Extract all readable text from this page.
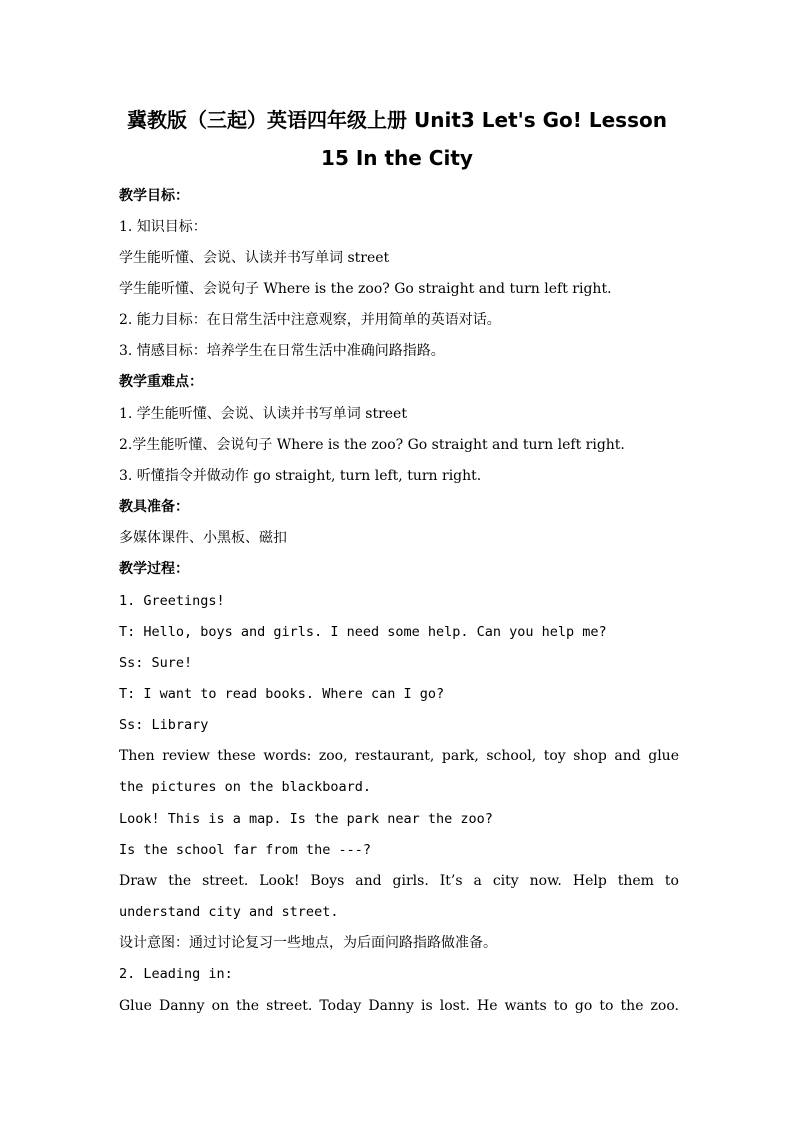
冀教版（三起）英语四年级上册 Unit3 Let's Go! Lesson
15 In the City
教学目标：
1. 知识目标：
学生能听懂、会说、认读并书写单词 street
学生能听懂、会说句子 Where is the zoo? Go straight and turn left right.
2. 能力目标：在日常生活中注意观察，并用简单的英语对话。
3. 情感目标：培养学生在日常生活中准确问路指路。
教学重难点：
1. 学生能听懂、会说、认读并书写单词 street
2.学生能听懂、会说句子 Where is the zoo? Go straight and turn left right.
3. 听懂指令并做动作 go straight, turn left, turn right.
教具准备：
多媒体课件、小黑板、磁扣
教学过程：
1. Greetings!
T: Hello, boys and girls. I need some help. Can you help me?
Ss: Sure!
T: I want to read books. Where can I go?
Ss: Library
Then review these words: zoo, restaurant, park, school, toy shop and glue
the pictures on the blackboard.
Look! This is a map. Is the park near the zoo?
Is the school far from the ---?
Draw the street. Look! Boys and girls. It’s a city now. Help them to
understand city and street.
设计意图：通过讨论复习一些地点，为后面问路指路做准备。
2. Leading in:
Glue Danny on the street. Today Danny is lost. He wants to go to the zoo.
